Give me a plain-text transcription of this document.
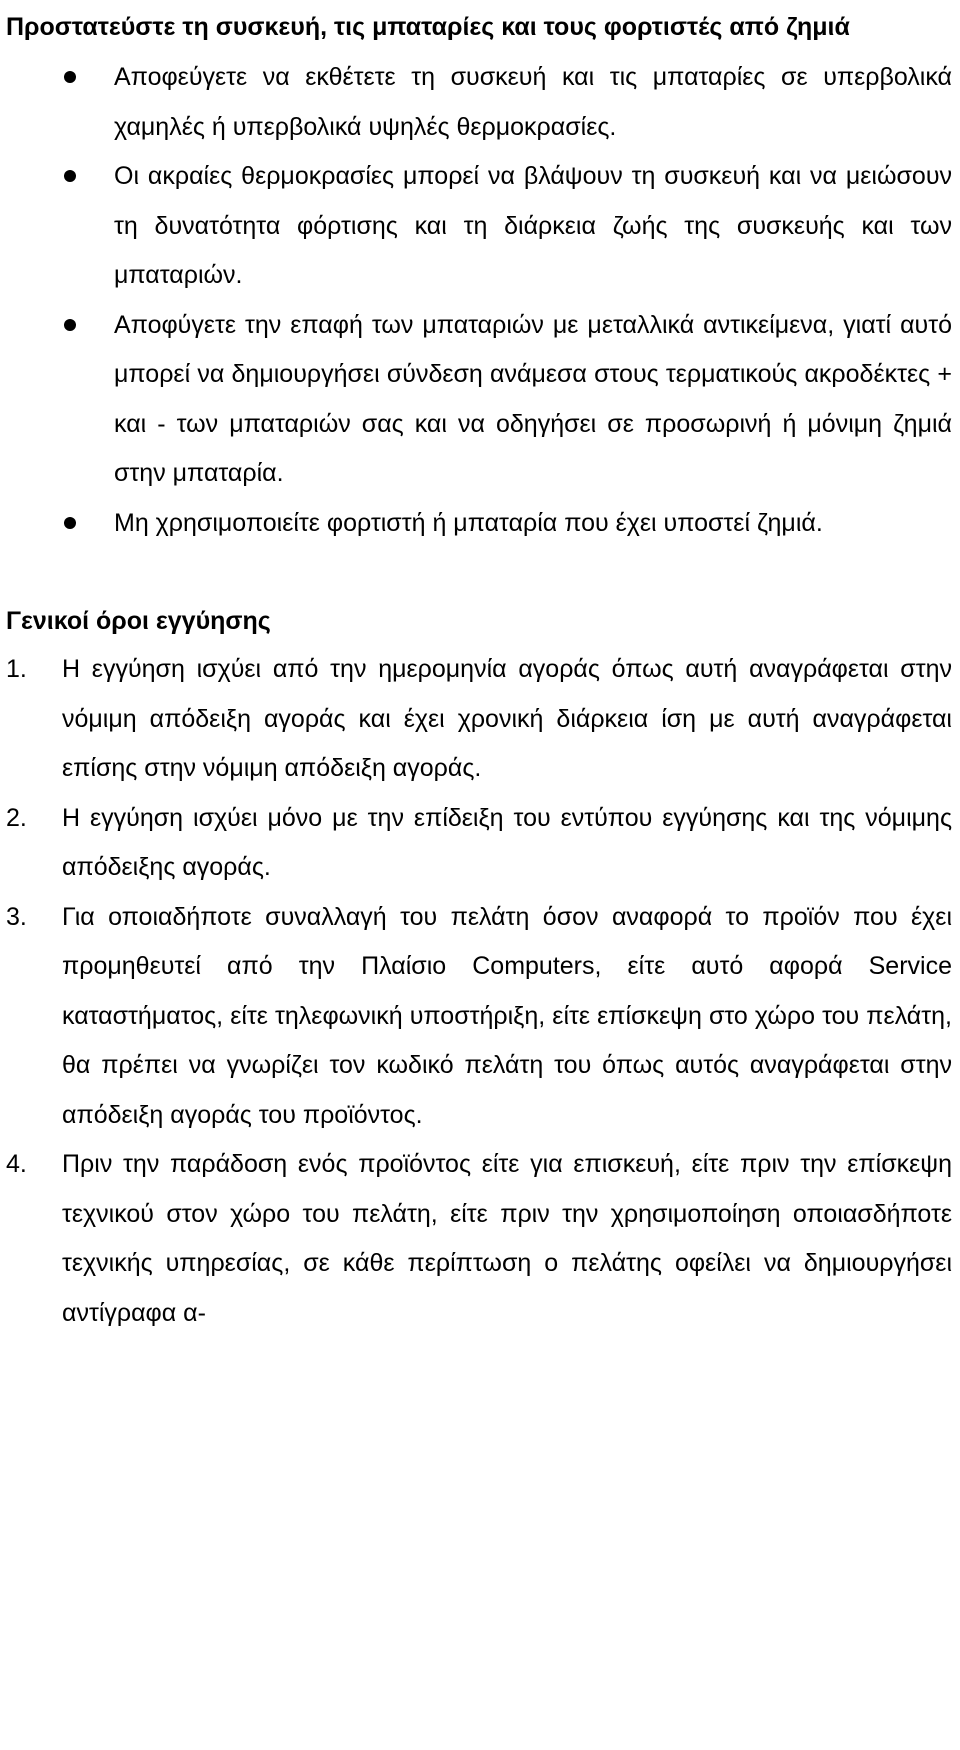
Προστατεύστε τη συσκευή, τις μπαταρίες και τους φορτιστές από ζημιά
Αποφεύγετε να εκθέτετε τη συσκευή και τις μπαταρίες σε υπερβολικά χαμηλές ή υπερβολικά υψηλές θερμοκρασίες.
Οι ακραίες θερμοκρασίες μπορεί να βλάψουν τη συσκευή και να μειώσουν τη δυνατότητα φόρτισης και τη διάρκεια ζωής της συσκευής και των μπαταριών.
Αποφύγετε την επαφή των μπαταριών με μεταλλικά αντικείμενα, γιατί αυτό μπορεί να δημιουργήσει σύνδεση ανάμεσα στους τερματικούς ακροδέκτες + και - των μπαταριών σας και να οδηγήσει σε προσωρινή ή μόνιμη ζημιά στην μπαταρία.
Μη χρησιμοποιείτε φορτιστή ή μπαταρία που έχει υποστεί ζημιά.
Γενικοί όροι εγγύησης
1. Η εγγύηση ισχύει από την ημερομηνία αγοράς όπως αυτή αναγράφεται στην νόμιμη απόδειξη αγοράς και έχει χρονική διάρκεια ίση με αυτή αναγράφεται επίσης στην νόμιμη απόδειξη αγοράς.
2. Η εγγύηση ισχύει μόνο με την επίδειξη του εντύπου εγγύησης και της νόμιμης απόδειξης αγοράς.
3. Για οποιαδήποτε συναλλαγή του πελάτη όσον αναφορά το προϊόν που έχει προμηθευτεί από την Πλαίσιο Computers, είτε αυτό αφορά Service καταστήματος, είτε τηλεφωνική υποστήριξη, είτε επίσκεψη στο χώρο του πελάτη, θα πρέπει να γνωρίζει τον κωδικό πελάτη του όπως αυτός αναγράφεται στην απόδειξη αγοράς του προϊόντος.
4. Πριν την παράδοση ενός προϊόντος είτε για επισκευή, είτε πριν την επίσκεψη τεχνικού στον χώρο του πελάτη, είτε πριν την χρησιμοποίηση οποιασδήποτε τεχνικής υπηρεσίας, σε κάθε περίπτωση ο πελάτης οφείλει να δημιουργήσει αντίγραφα α-
